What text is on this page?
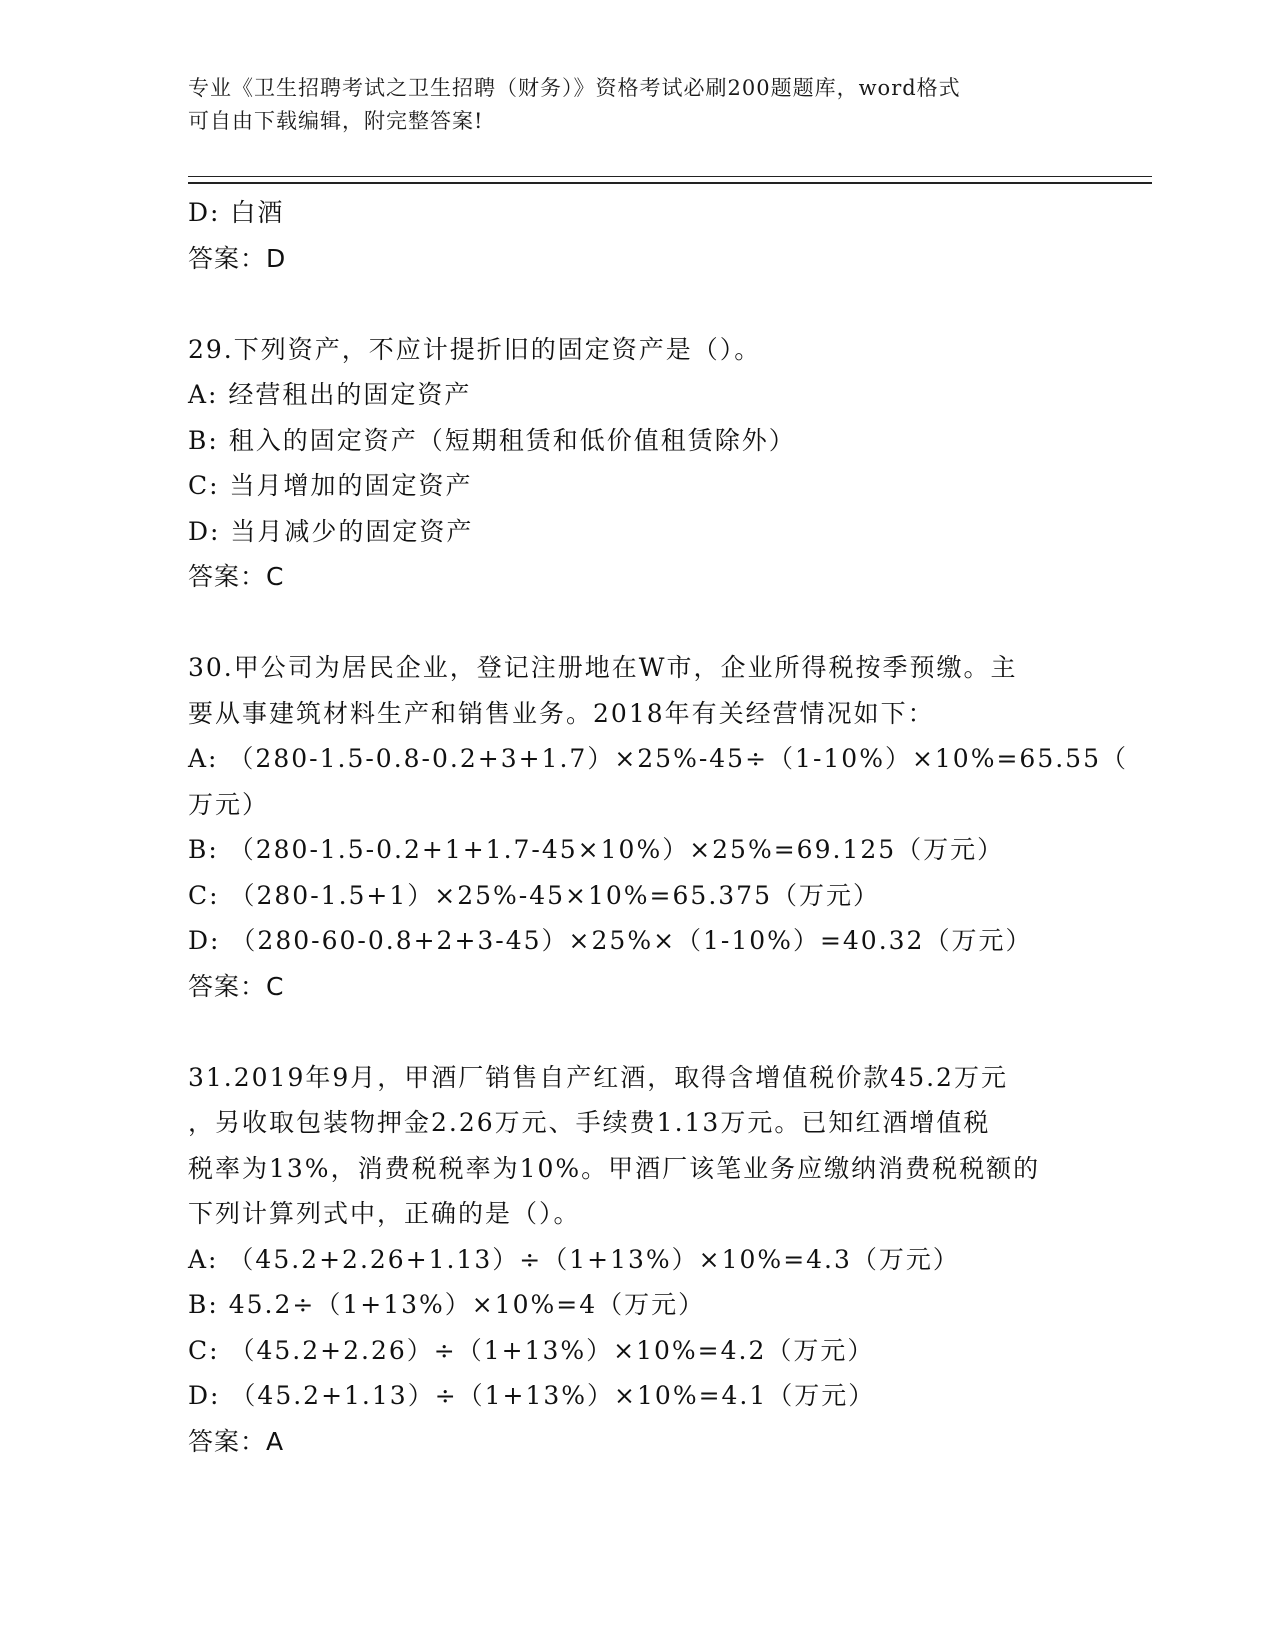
专业《卫生招聘考试之卫生招聘（财务）》资格考试必刷200题题库，word格式
可自由下载编辑，附完整答案!
D: 白酒
答案：D
29.下列资产，不应计提折旧的固定资产是（）。
A: 经营租出的固定资产
B: 租入的固定资产（短期租赁和低价值租赁除外）
C: 当月增加的固定资产
D: 当月减少的固定资产
答案：C
30.甲公司为居民企业，登记注册地在W市，企业所得税按季预缴。主
要从事建筑材料生产和销售业务。2018年有关经营情况如下：
A: （280-1.5-0.8-0.2+3+1.7）×25%-45÷（1-10%）×10%=65.55（
万元）
B: （280-1.5-0.2+1+1.7-45×10%）×25%=69.125（万元）
C: （280-1.5+1）×25%-45×10%=65.375（万元）
D: （280-60-0.8+2+3-45）×25%×（1-10%）=40.32（万元）
答案：C
31.2019年9月，甲酒厂销售自产红酒，取得含增值税价款45.2万元
，另收取包装物押金2.26万元、手续费1.13万元。已知红酒增值税
税率为13%，消费税税率为10%。甲酒厂该笔业务应缴纳消费税税额的
下列计算列式中，正确的是（）。
A: （45.2+2.26+1.13）÷（1+13%）×10%=4.3（万元）
B: 45.2÷（1+13%）×10%=4（万元）
C: （45.2+2.26）÷（1+13%）×10%=4.2（万元）
D: （45.2+1.13）÷（1+13%）×10%=4.1（万元）
答案：A
